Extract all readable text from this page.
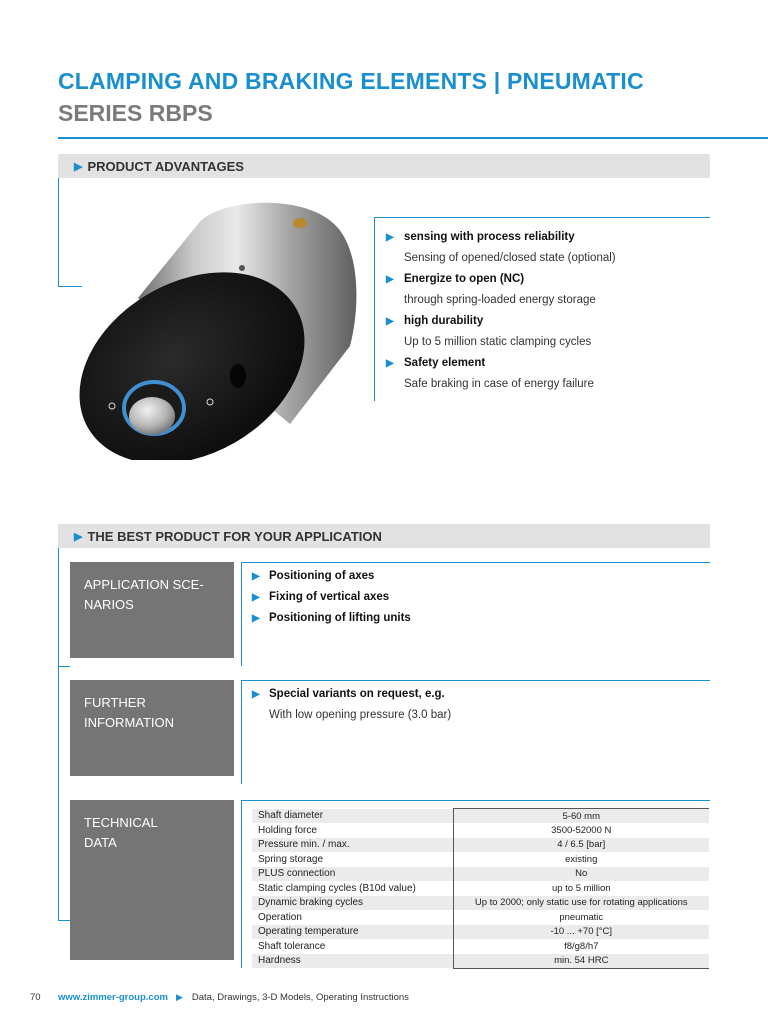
CLAMPING AND BRAKING ELEMENTS | PNEUMATIC
SERIES RBPS
▶ PRODUCT ADVANTAGES
▶ sensing with process reliability
Sensing of opened/closed state (optional)
▶ Energize to open (NC)
through spring-loaded energy storage
▶ high durability
Up to 5 million static clamping cycles
▶ Safety element
Safe braking in case of energy failure
▶ THE BEST PRODUCT FOR YOUR APPLICATION
APPLICATION SCE-
NARIOS
▶ Positioning of axes
▶ Fixing of vertical axes
▶ Positioning of lifting units
FURTHER
INFORMATION
▶ Special variants on request, e.g.
With low opening pressure (3.0 bar)
TECHNICAL
DATA
Shaft diameter	5-60 mm
Holding force	3500-52000 N
Pressure min. / max.	4 / 6.5 [bar]
Spring storage	existing
PLUS connection	No
Static clamping cycles (B10d value)	up to 5 million
Dynamic braking cycles	Up to 2000; only static use for rotating applications
Operation	pneumatic
Operating temperature	-10 ... +70 [°C]
Shaft tolerance	f8/g8/h7
Hardness	min. 54 HRC
70	www.zimmer-group.com ▶ Data, Drawings, 3-D Models, Operating Instructions
